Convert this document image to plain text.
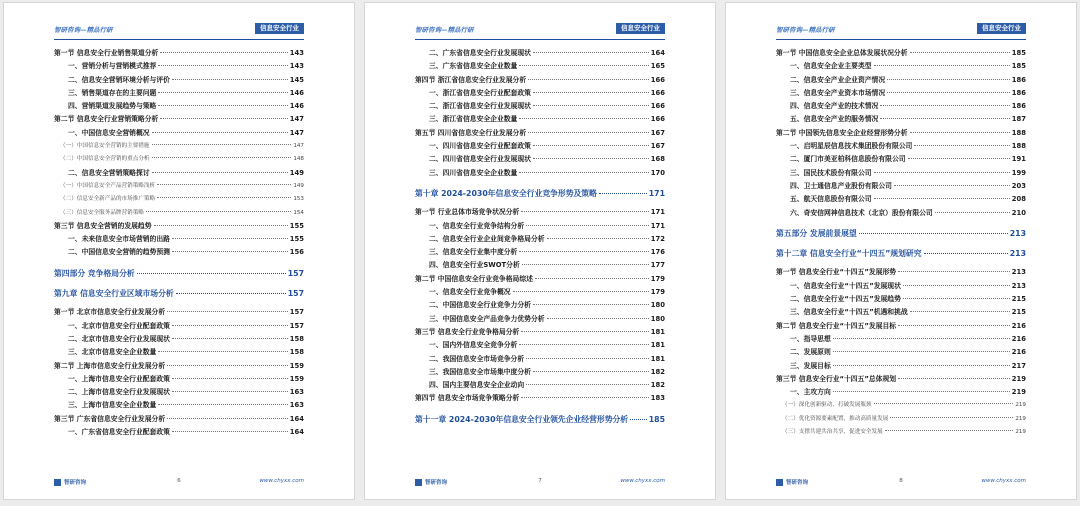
智研咨询—精品行研	信息安全行业
第一节 信息安全行业销售渠道分析	143
一、营销分析与营销模式推荐	143
二、信息安全营销环境分析与评价	145
三、销售渠道存在的主要问题	146
四、营销渠道发展趋势与策略	146
第二节 信息安全行业营销策略分析	147
一、中国信息安全营销概况	147
（一）中国信息安全营销的主要措施	147
（二）中国信息安全营销的重点分析	148
二、信息安全营销策略探讨	149
（一）中国信息安全产品营销策略浅析	149
（二）信息安全新产品的市场推广策略	153
（三）信息安全服务品牌营销策略	154
第三节 信息安全营销的发展趋势	155
一、未来信息安全市场营销的出路	155
二、中国信息安全营销的趋势预测	156
第四部分 竞争格局分析	157
第九章 信息安全行业区域市场分析	157
第一节 北京市信息安全行业发展分析	157
一、北京市信息安全行业配套政策	157
二、北京市信息安全行业发展现状	158
三、北京市信息安全企业数量	158
第二节 上海市信息安全行业发展分析	159
一、上海市信息安全行业配套政策	159
二、上海市信息安全行业发展现状	163
三、上海市信息安全企业数量	163
第三节 广东省信息安全行业发展分析	164
一、广东省信息安全行业配套政策	164
智研咨询	6	www.chyxx.com
智研咨询—精品行研	信息安全行业
二、广东省信息安全行业发展现状	164
三、广东省信息安全企业数量	165
第四节 浙江省信息安全行业发展分析	166
一、浙江省信息安全行业配套政策	166
二、浙江省信息安全行业发展现状	166
三、浙江省信息安全企业数量	166
第五节 四川省信息安全行业发展分析	167
一、四川省信息安全行业配套政策	167
二、四川省信息安全行业发展现状	168
三、四川省信息安全企业数量	170
第十章 2024-2030年信息安全行业竞争形势及策略	171
第一节 行业总体市场竞争状况分析	171
一、信息安全行业竞争结构分析	171
二、信息安全行业企业间竞争格局分析	172
三、信息安全行业集中度分析	176
四、信息安全行业SWOT分析	177
第二节 中国信息安全行业竞争格局综述	179
一、信息安全行业竞争概况	179
二、中国信息安全行业竞争力分析	180
三、中国信息安全产品竞争力优势分析	180
第三节 信息安全行业竞争格局分析	181
一、国内外信息安全竞争分析	181
二、我国信息安全市场竞争分析	181
三、我国信息安全市场集中度分析	182
四、国内主要信息安全企业动向	182
第四节 信息安全市场竞争策略分析	183
第十一章 2024-2030年信息安全行业领先企业经营形势分析	185
智研咨询	7	www.chyxx.com
智研咨询—精品行研	信息安全行业
第一节 中国信息安全企业总体发展状况分析	185
一、信息安全企业主要类型	185
二、信息安全产业企业资产情况	186
三、信息安全产业资本市场情况	186
四、信息安全产业的技术情况	186
五、信息安全产业的服务情况	187
第二节 中国领先信息安全企业经营形势分析	188
一、启明星辰信息技术集团股份有限公司	188
二、厦门市美亚柏科信息股份有限公司	191
三、国民技术股份有限公司	199
四、卫士通信息产业股份有限公司	203
五、航天信息股份有限公司	208
六、奇安信网神信息技术（北京）股份有限公司	210
第五部分 发展前景展望	213
第十二章 信息安全行业“十四五”规划研究	213
第一节 信息安全行业“十四五”发展形势	213
一、信息安全行业“十四五”发展现状	213
二、信息安全行业“十四五”发展趋势	215
三、信息安全行业“十四五”机遇和挑战	215
第二节 信息安全行业“十四五”发展目标	216
一、指导思想	216
二、发展原则	216
三、发展目标	217
第三节 信息安全行业“十四五”总体规划	219
一、主攻方向	219
（一）深化创新驱动，打破发展瓶颈	219
（二）优化资源要素配置，推动高质量发展	219
（三）支撑共建共治共享，促进安全发展	219
智研咨询	8	www.chyxx.com
